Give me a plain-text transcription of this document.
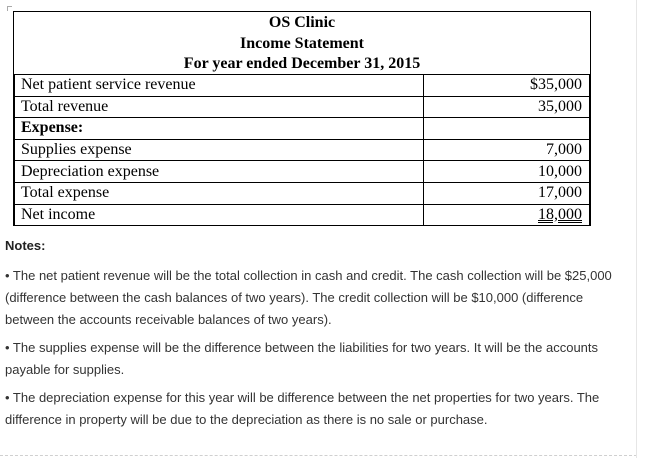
OS Clinic
Income Statement
For year ended December 31, 2015
Net patient service revenue	$35,000
Total revenue	35,000
Expense:	
Supplies expense	7,000
Depreciation expense	10,000
Total expense	17,000
Net income	18,000
Notes:
• The net patient revenue will be the total collection in cash and credit. The cash collection will be $25,000 (difference between the cash balances of two years). The credit collection will be $10,000 (difference between the accounts receivable balances of two years).
• The supplies expense will be the difference between the liabilities for two years. It will be the accounts payable for supplies.
• The depreciation expense for this year will be difference between the net properties for two years. The difference in property will be due to the depreciation as there is no sale or purchase.
